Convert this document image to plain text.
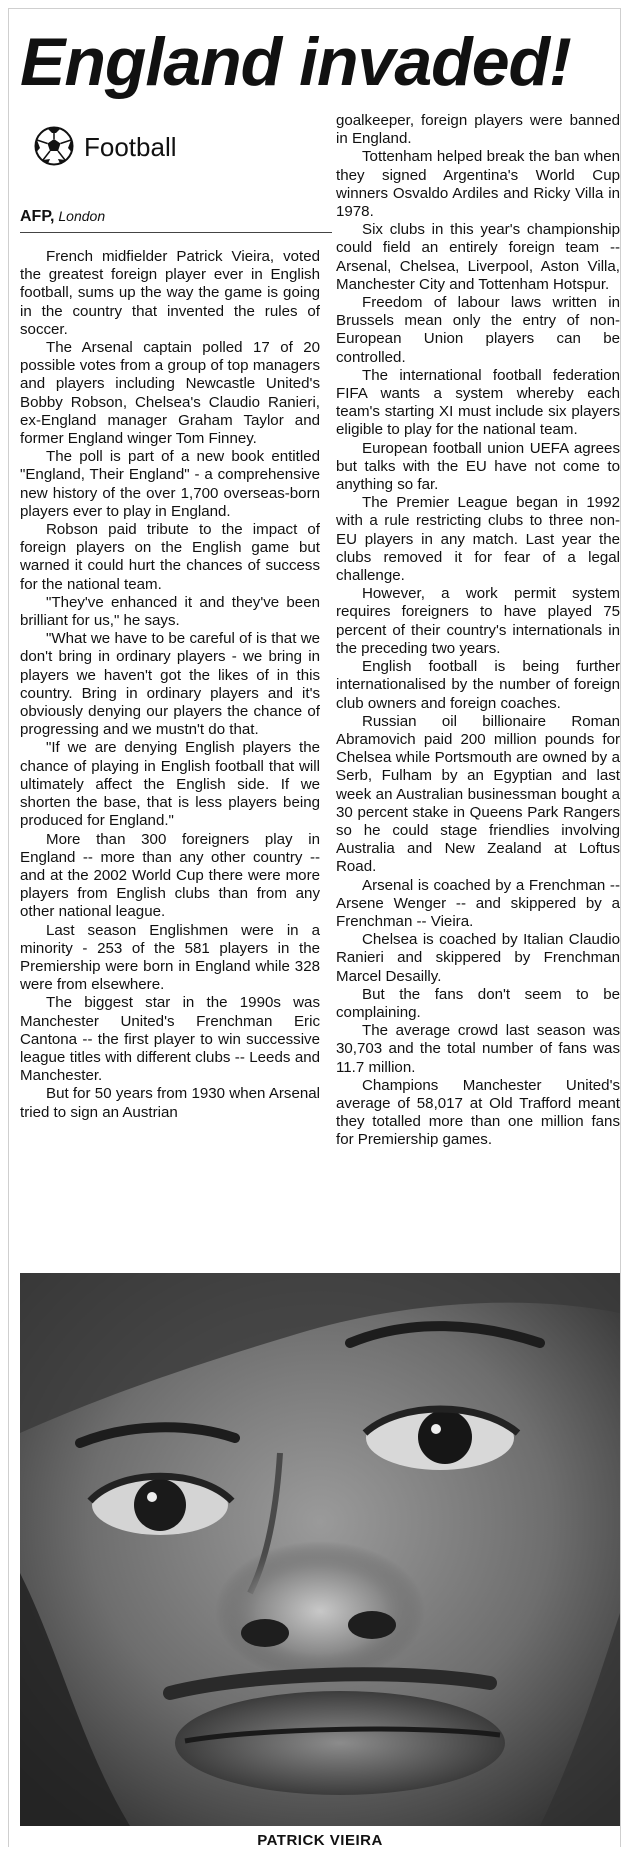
England invaded!
Football
AFP, London

French midfielder Patrick Vieira, voted the greatest foreign player ever in English football, sums up the way the game is going in the country that invented the rules of soccer.

The Arsenal captain polled 17 of 20 possible votes from a group of top managers and players including Newcastle United's Bobby Robson, Chelsea's Claudio Ranieri, ex-England manager Graham Taylor and former England winger Tom Finney.

The poll is part of a new book entitled "England, Their England" - a comprehensive new history of the over 1,700 overseas-born players ever to play in England.

Robson paid tribute to the impact of foreign players on the English game but warned it could hurt the chances of success for the national team.

"They've enhanced it and they've been brilliant for us," he says.

"What we have to be careful of is that we don't bring in ordinary players - we bring in players we haven't got the likes of in this country. Bring in ordinary players and it's obviously denying our players the chance of progressing and we mustn't do that.

"If we are denying English players the chance of playing in English football that will ultimately affect the English side. If we shorten the base, that is less players being produced for England."

More than 300 foreigners play in England -- more than any other country -- and at the 2002 World Cup there were more players from English clubs than from any other national league.

Last season Englishmen were in a minority - 253 of the 581 players in the Premiership were born in England while 328 were from elsewhere.

The biggest star in the 1990s was Manchester United's Frenchman Eric Cantona -- the first player to win successive league titles with different clubs -- Leeds and Manchester.

But for 50 years from 1930 when Arsenal tried to sign an Austrian

goalkeeper, foreign players were banned in England.

Tottenham helped break the ban when they signed Argentina's World Cup winners Osvaldo Ardiles and Ricky Villa in 1978.

Six clubs in this year's championship could field an entirely foreign team -- Arsenal, Chelsea, Liverpool, Aston Villa, Manchester City and Tottenham Hotspur.

Freedom of labour laws written in Brussels mean only the entry of non-European Union players can be controlled.

The international football federation FIFA wants a system whereby each team's starting XI must include six players eligible to play for the national team.

European football union UEFA agrees but talks with the EU have not come to anything so far.

The Premier League began in 1992 with a rule restricting clubs to three non-EU players in any match. Last year the clubs removed it for fear of a legal challenge.

However, a work permit system requires foreigners to have played 75 percent of their country's internationals in the preceding two years.

English football is being further internationalised by the number of foreign club owners and foreign coaches.

Russian oil billionaire Roman Abramovich paid 200 million pounds for Chelsea while Portsmouth are owned by a Serb, Fulham by an Egyptian and last week an Australian businessman bought a 30 percent stake in Queens Park Rangers so he could stage friendlies involving Australia and New Zealand at Loftus Road.

Arsenal is coached by a Frenchman -- Arsene Wenger -- and skippered by a Frenchman -- Vieira.

Chelsea is coached by Italian Claudio Ranieri and skippered by Frenchman Marcel Desailly.

But the fans don't seem to be complaining.

The average crowd last season was 30,703 and the total number of fans was 11.7 million.

Champions Manchester United's average of 58,017 at Old Trafford meant they totalled more than one million fans for Premiership games.

PATRICK VIEIRA
